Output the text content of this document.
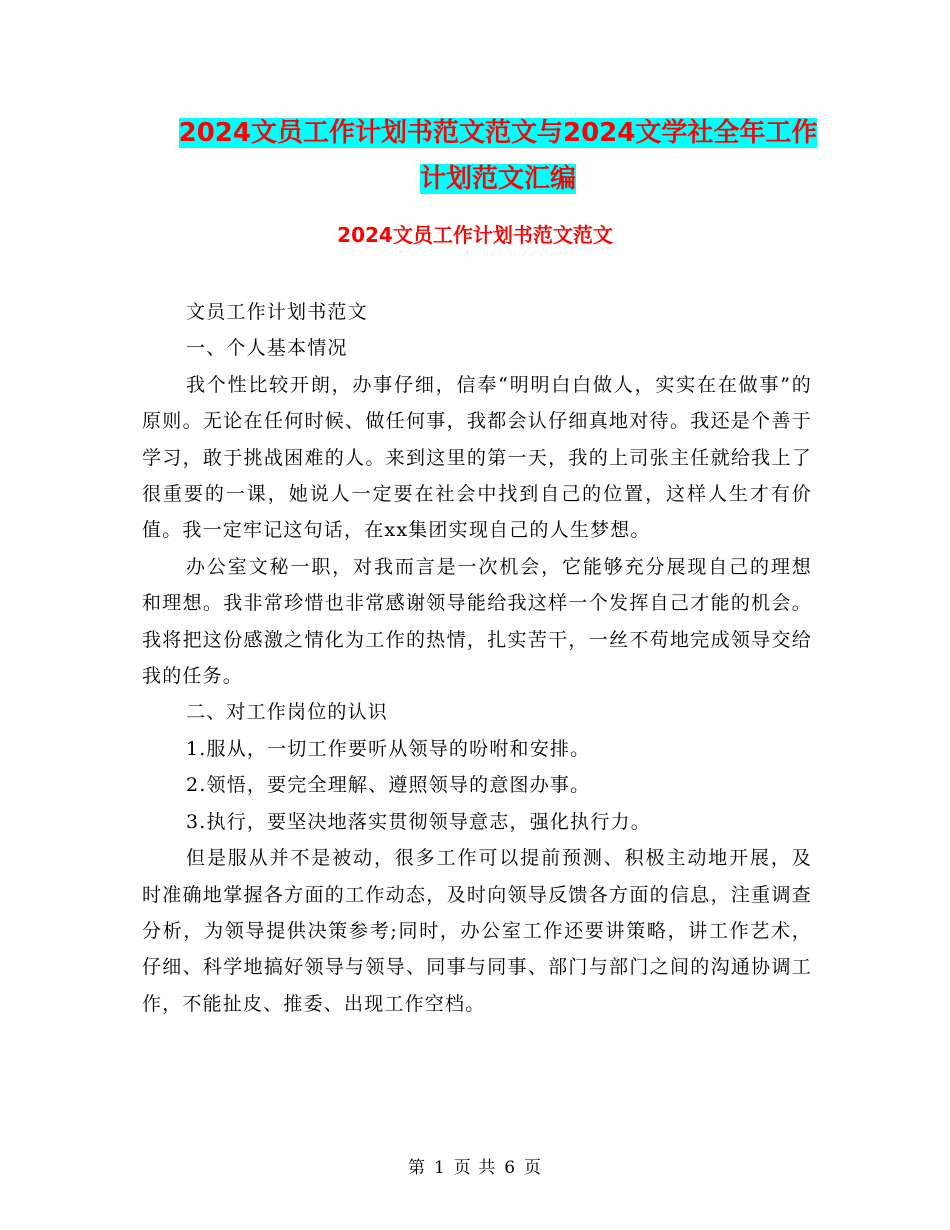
2024文员工作计划书范文范文与2024文学社全年工作
计划范文汇编
2024文员工作计划书范文范文

文员工作计划书范文

一、个人基本情况

我个性比较开朗，办事仔细，信奉“明明白白做人，实实在在做事”的原则。无论在任何时候、做任何事，我都会认仔细真地对待。我还是个善于学习，敢于挑战困难的人。来到这里的第一天，我的上司张主任就给我上了很重要的一课，她说人一定要在社会中找到自己的位置，这样人生才有价值。我一定牢记这句话，在xx集团实现自己的人生梦想。

办公室文秘一职，对我而言是一次机会，它能够充分展现自己的理想和理想。我非常珍惜也非常感谢领导能给我这样一个发挥自己才能的机会。我将把这份感激之情化为工作的热情，扎实苦干，一丝不苟地完成领导交给我的任务。

二、对工作岗位的认识

1.服从，一切工作要听从领导的吩咐和安排。

2.领悟，要完全理解、遵照领导的意图办事。

3.执行，要坚决地落实贯彻领导意志，强化执行力。

但是服从并不是被动，很多工作可以提前预测、积极主动地开展，及时准确地掌握各方面的工作动态，及时向领导反馈各方面的信息，注重调查分析，为领导提供决策参考;同时，办公室工作还要讲策略，讲工作艺术，仔细、科学地搞好领导与领导、同事与同事、部门与部门之间的沟通协调工作，不能扯皮、推委、出现工作空档。

第 1 页 共 6 页
